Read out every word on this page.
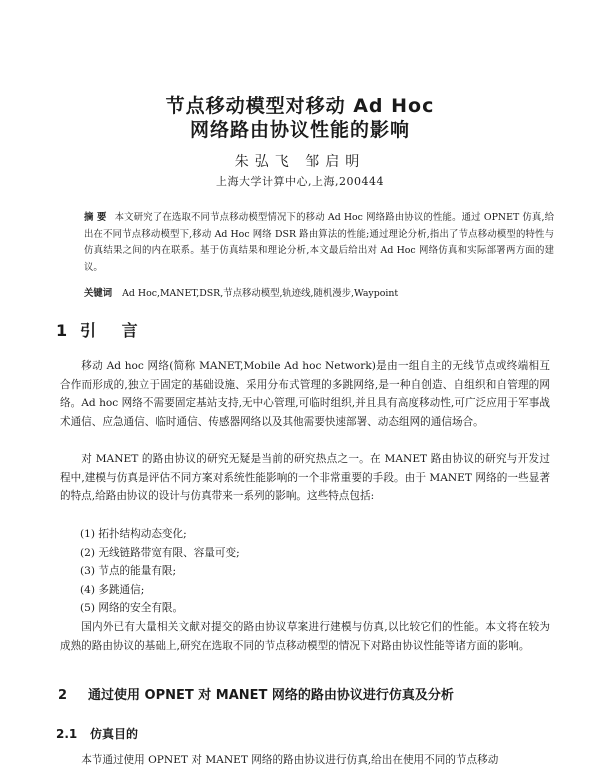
节点移动模型对移动 Ad Hoc
网络路由协议性能的影响
朱弘飞 邹启明
上海大学计算中心,上海,200444
摘 要 本文研究了在选取不同节点移动模型情况下的移动 Ad Hoc 网络路由协议的性能。通过 OPNET 仿真,给出在不同节点移动模型下,移动 Ad Hoc 网络 DSR 路由算法的性能;通过理论分析,指出了节点移动模型的特性与仿真结果之间的内在联系。基于仿真结果和理论分析,本文最后给出对 Ad Hoc 网络仿真和实际部署两方面的建议。
关键词 Ad Hoc,MANET,DSR,节点移动模型,轨迹线,随机漫步,Waypoint
1 引 言

移动 Ad hoc 网络(简称 MANET,Mobile Ad hoc Network)是由一组自主的无线节点或终端相互合作而形成的,独立于固定的基础设施、采用分布式管理的多跳网络,是一种自创造、自组织和自管理的网络。Ad hoc 网络不需要固定基站支持,无中心管理,可临时组织,并且具有高度移动性,可广泛应用于军事战术通信、应急通信、临时通信、传感器网络以及其他需要快速部署、动态组网的通信场合。

对 MANET 的路由协议的研究无疑是当前的研究热点之一。在 MANET 路由协议的研究与开发过程中,建模与仿真是评估不同方案对系统性能影响的一个非常重要的手段。由于 MANET 网络的一些显著的特点,给路由协议的设计与仿真带来一系列的影响。这些特点包括:

(1) 拓扑结构动态变化;
(2) 无线链路带宽有限、容量可变;
(3) 节点的能量有限;
(4) 多跳通信;
(5) 网络的安全有限。

国内外已有大量相关文献对提交的路由协议草案进行建模与仿真,以比较它们的性能。本文将在较为成熟的路由协议的基础上,研究在选取不同的节点移动模型的情况下对路由协议性能等诸方面的影响。

2 通过使用 OPNET 对 MANET 网络的路由协议进行仿真及分析
2.1 仿真目的

本节通过使用 OPNET 对 MANET 网络的路由协议进行仿真,给出在使用不同的节点移动
